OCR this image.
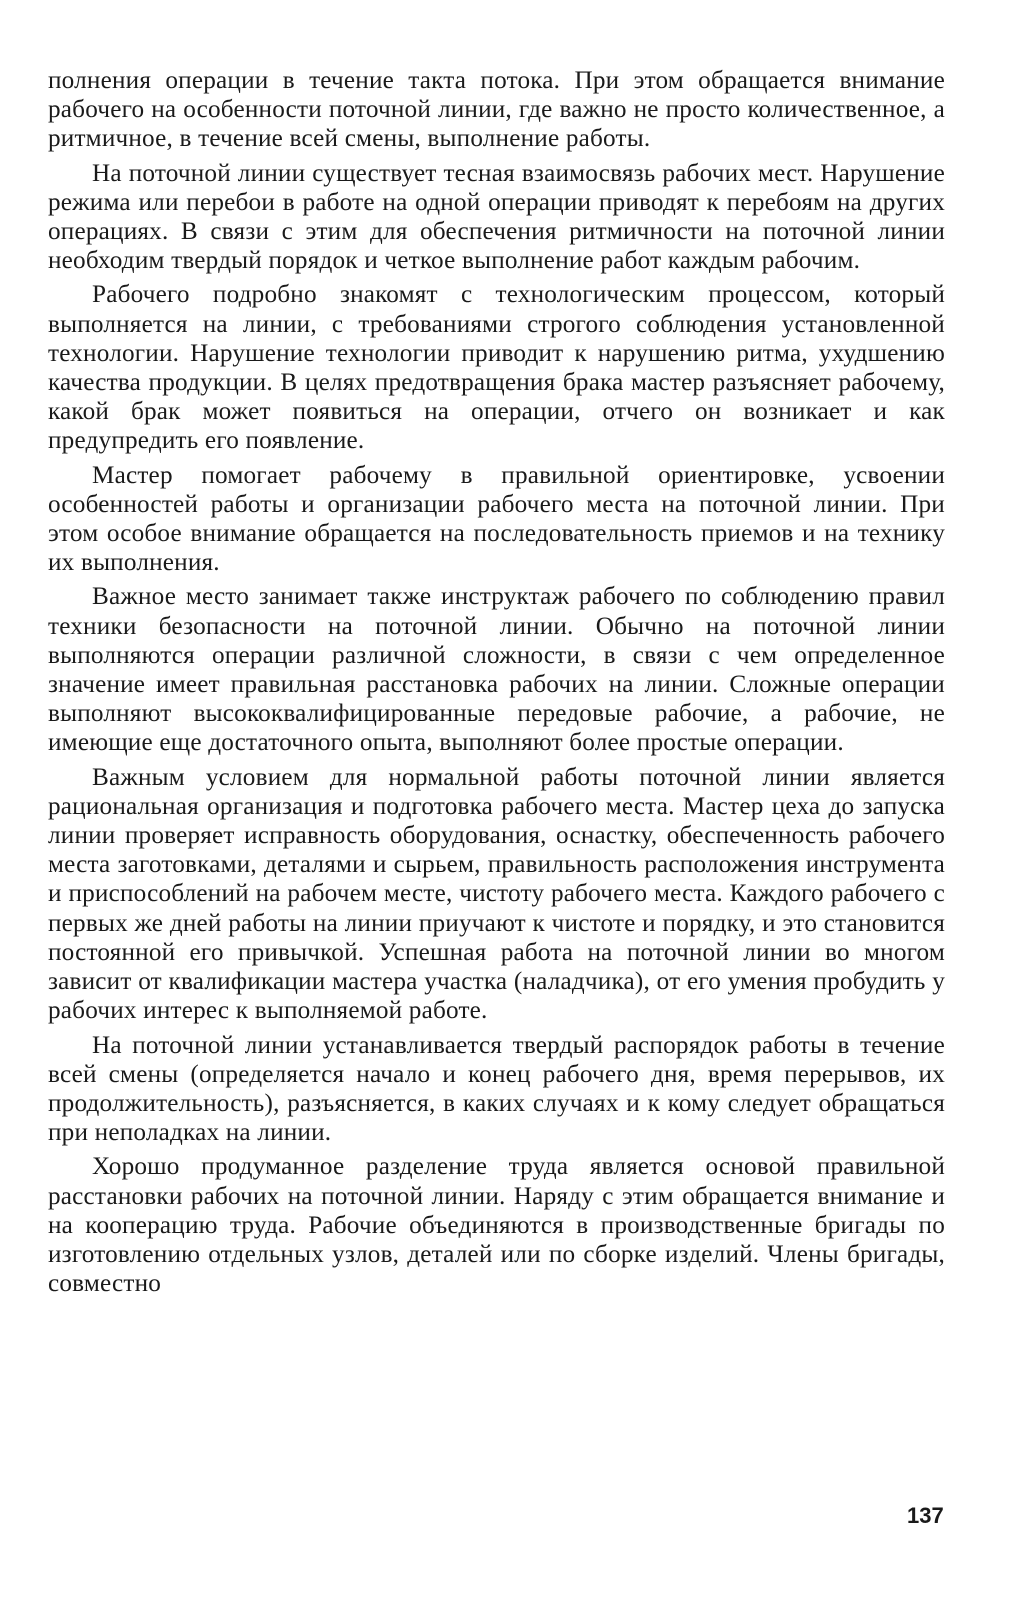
полнения операции в течение такта потока. При этом обращается внимание рабочего на особенности поточной линии, где важно не просто количественное, а ритмичное, в течение всей смены, выполнение работы.

На поточной линии существует тесная взаимосвязь рабочих мест. Нарушение режима или перебои в работе на одной операции приводят к перебоям на других операциях. В связи с этим для обеспечения ритмичности на поточной линии необходим твердый порядок и четкое выполнение работ каждым рабочим.

Рабочего подробно знакомят с технологическим процессом, который выполняется на линии, с требованиями строгого соблюдения установленной технологии. Нарушение технологии приводит к нарушению ритма, ухудшению качества продукции. В целях предотвращения брака мастер разъясняет рабочему, какой брак может появиться на операции, отчего он возникает и как предупредить его появление.

Мастер помогает рабочему в правильной ориентировке, усвоении особенностей работы и организации рабочего места на поточной линии. При этом особое внимание обращается на последовательность приемов и на технику их выполнения.

Важное место занимает также инструктаж рабочего по соблюдению правил техники безопасности на поточной линии. Обычно на поточной линии выполняются операции различной сложности, в связи с чем определенное значение имеет правильная расстановка рабочих на линии. Сложные операции выполняют высококвалифицированные передовые рабочие, а рабочие, не имеющие еще достаточного опыта, выполняют более простые операции.

Важным условием для нормальной работы поточной линии является рациональная организация и подготовка рабочего места. Мастер цеха до запуска линии проверяет исправность оборудования, оснастку, обеспеченность рабочего места заготовками, деталями и сырьем, правильность расположения инструмента и приспособлений на рабочем месте, чистоту рабочего места. Каждого рабочего с первых же дней работы на линии приучают к чистоте и порядку, и это становится постоянной его привычкой. Успешная работа на поточной линии во многом зависит от квалификации мастера участка (наладчика), от его умения пробудить у рабочих интерес к выполняемой работе.

На поточной линии устанавливается твердый распорядок работы в течение всей смены (определяется начало и конец рабочего дня, время перерывов, их продолжительность), разъясняется, в каких случаях и к кому следует обращаться при неполадках на линии.

Хорошо продуманное разделение труда является основой правильной расстановки рабочих на поточной линии. Наряду с этим обращается внимание и на кооперацию труда. Рабочие объединяются в производственные бригады по изготовлению отдельных узлов, деталей или по сборке изделий. Члены бригады, совместно

137
